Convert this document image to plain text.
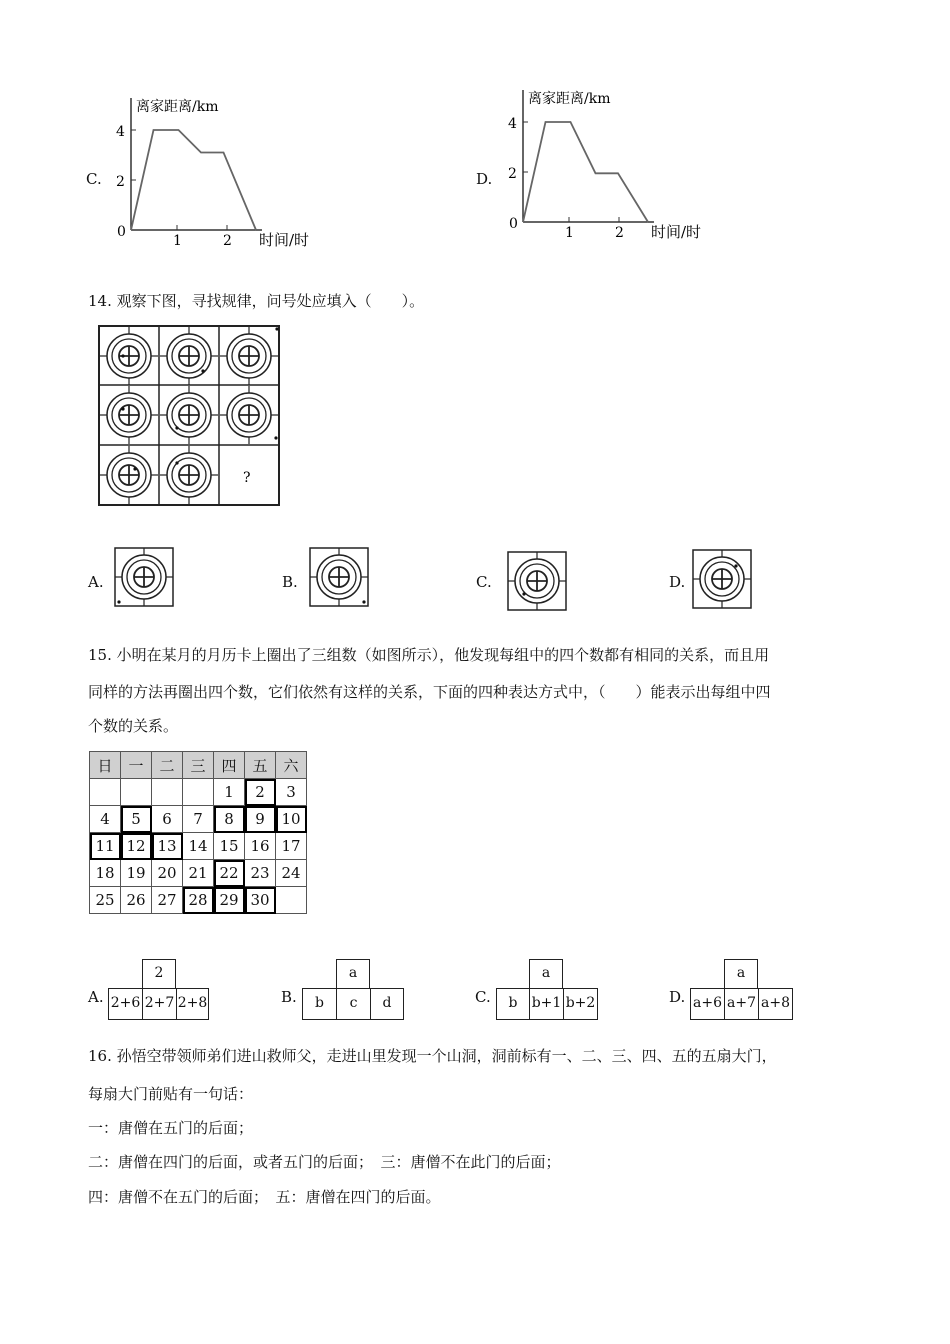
C.
离家距离/km
4
2
0
1	2 时间/时
D.
离家距离/km
4
2
0
1	2 时间/时
14. 观察下图，寻找规律，问号处应填入（　　）。
?
A.	B.	C.	D.
15. 小明在某月的月历卡上圈出了三组数（如图所示），他发现每组中的四个数都有相同的关系，而且用
同样的方法再圈出四个数，它们依然有这样的关系，下面的四种表达方式中，（　　）能表示出每组中四
个数的关系。
日	一	二	三	四	五	六
				1	2	3
4	5	6	7	8	9	10
11	12	13	14	15	16	17
18	19	20	21	22	23	24
25	26	27	28	29	30	
A.
2
2+6 2+7 2+8	B.
a
b	c	d	C.
a
b	b+1 b+2	D.
a
a+6 a+7 a+8
16. 孙悟空带领师弟们进山救师父，走进山里发现一个山洞，洞前标有一、二、三、四、五的五扇大门，
每扇大门前贴有一句话：
一：唐僧在五门的后面；
二：唐僧在四门的后面，或者五门的后面；　三：唐僧不在此门的后面；
四：唐僧不在五门的后面；　五：唐僧在四门的后面。
